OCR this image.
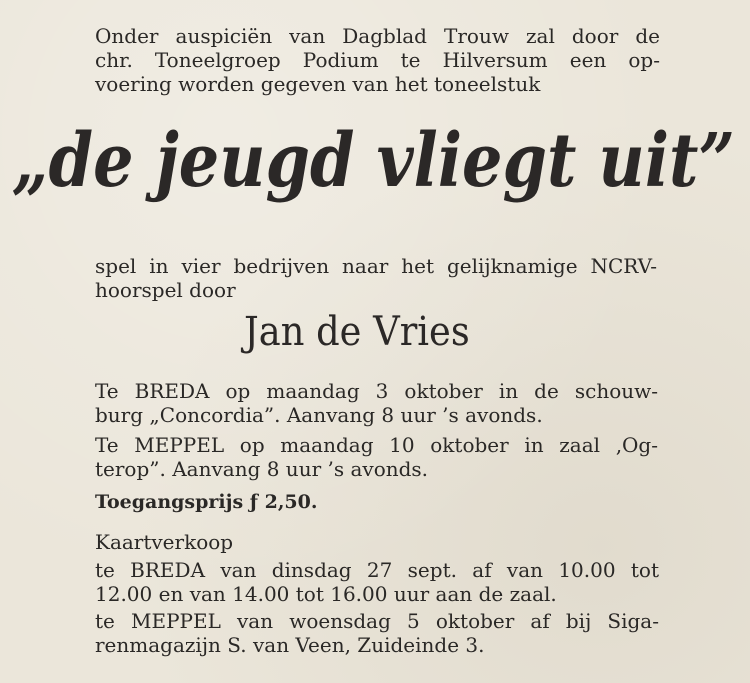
Onder auspiciën van Dagblad Trouw zal door de
chr. Toneelgroep Podium te Hilversum een op-
voering worden gegeven van het toneelstuk
„de jeugd vliegt uit”
spel in vier bedrijven naar het gelijknamige NCRV-
hoorspel door
Jan de Vries
Te BREDA op maandag 3 oktober in de schouw-
burg „Concordia”. Aanvang 8 uur ’s avonds.
Te MEPPEL op maandag 10 oktober in zaal ‚Og-
terop”. Aanvang 8 uur ’s avonds.
Toegangsprijs ƒ 2,50.
Kaartverkoop
te BREDA van dinsdag 27 sept. af van 10.00 tot
12.00 en van 14.00 tot 16.00 uur aan de zaal.
te MEPPEL van woensdag 5 oktober af bij Siga-
renmagazijn S. van Veen, Zuideinde 3.
